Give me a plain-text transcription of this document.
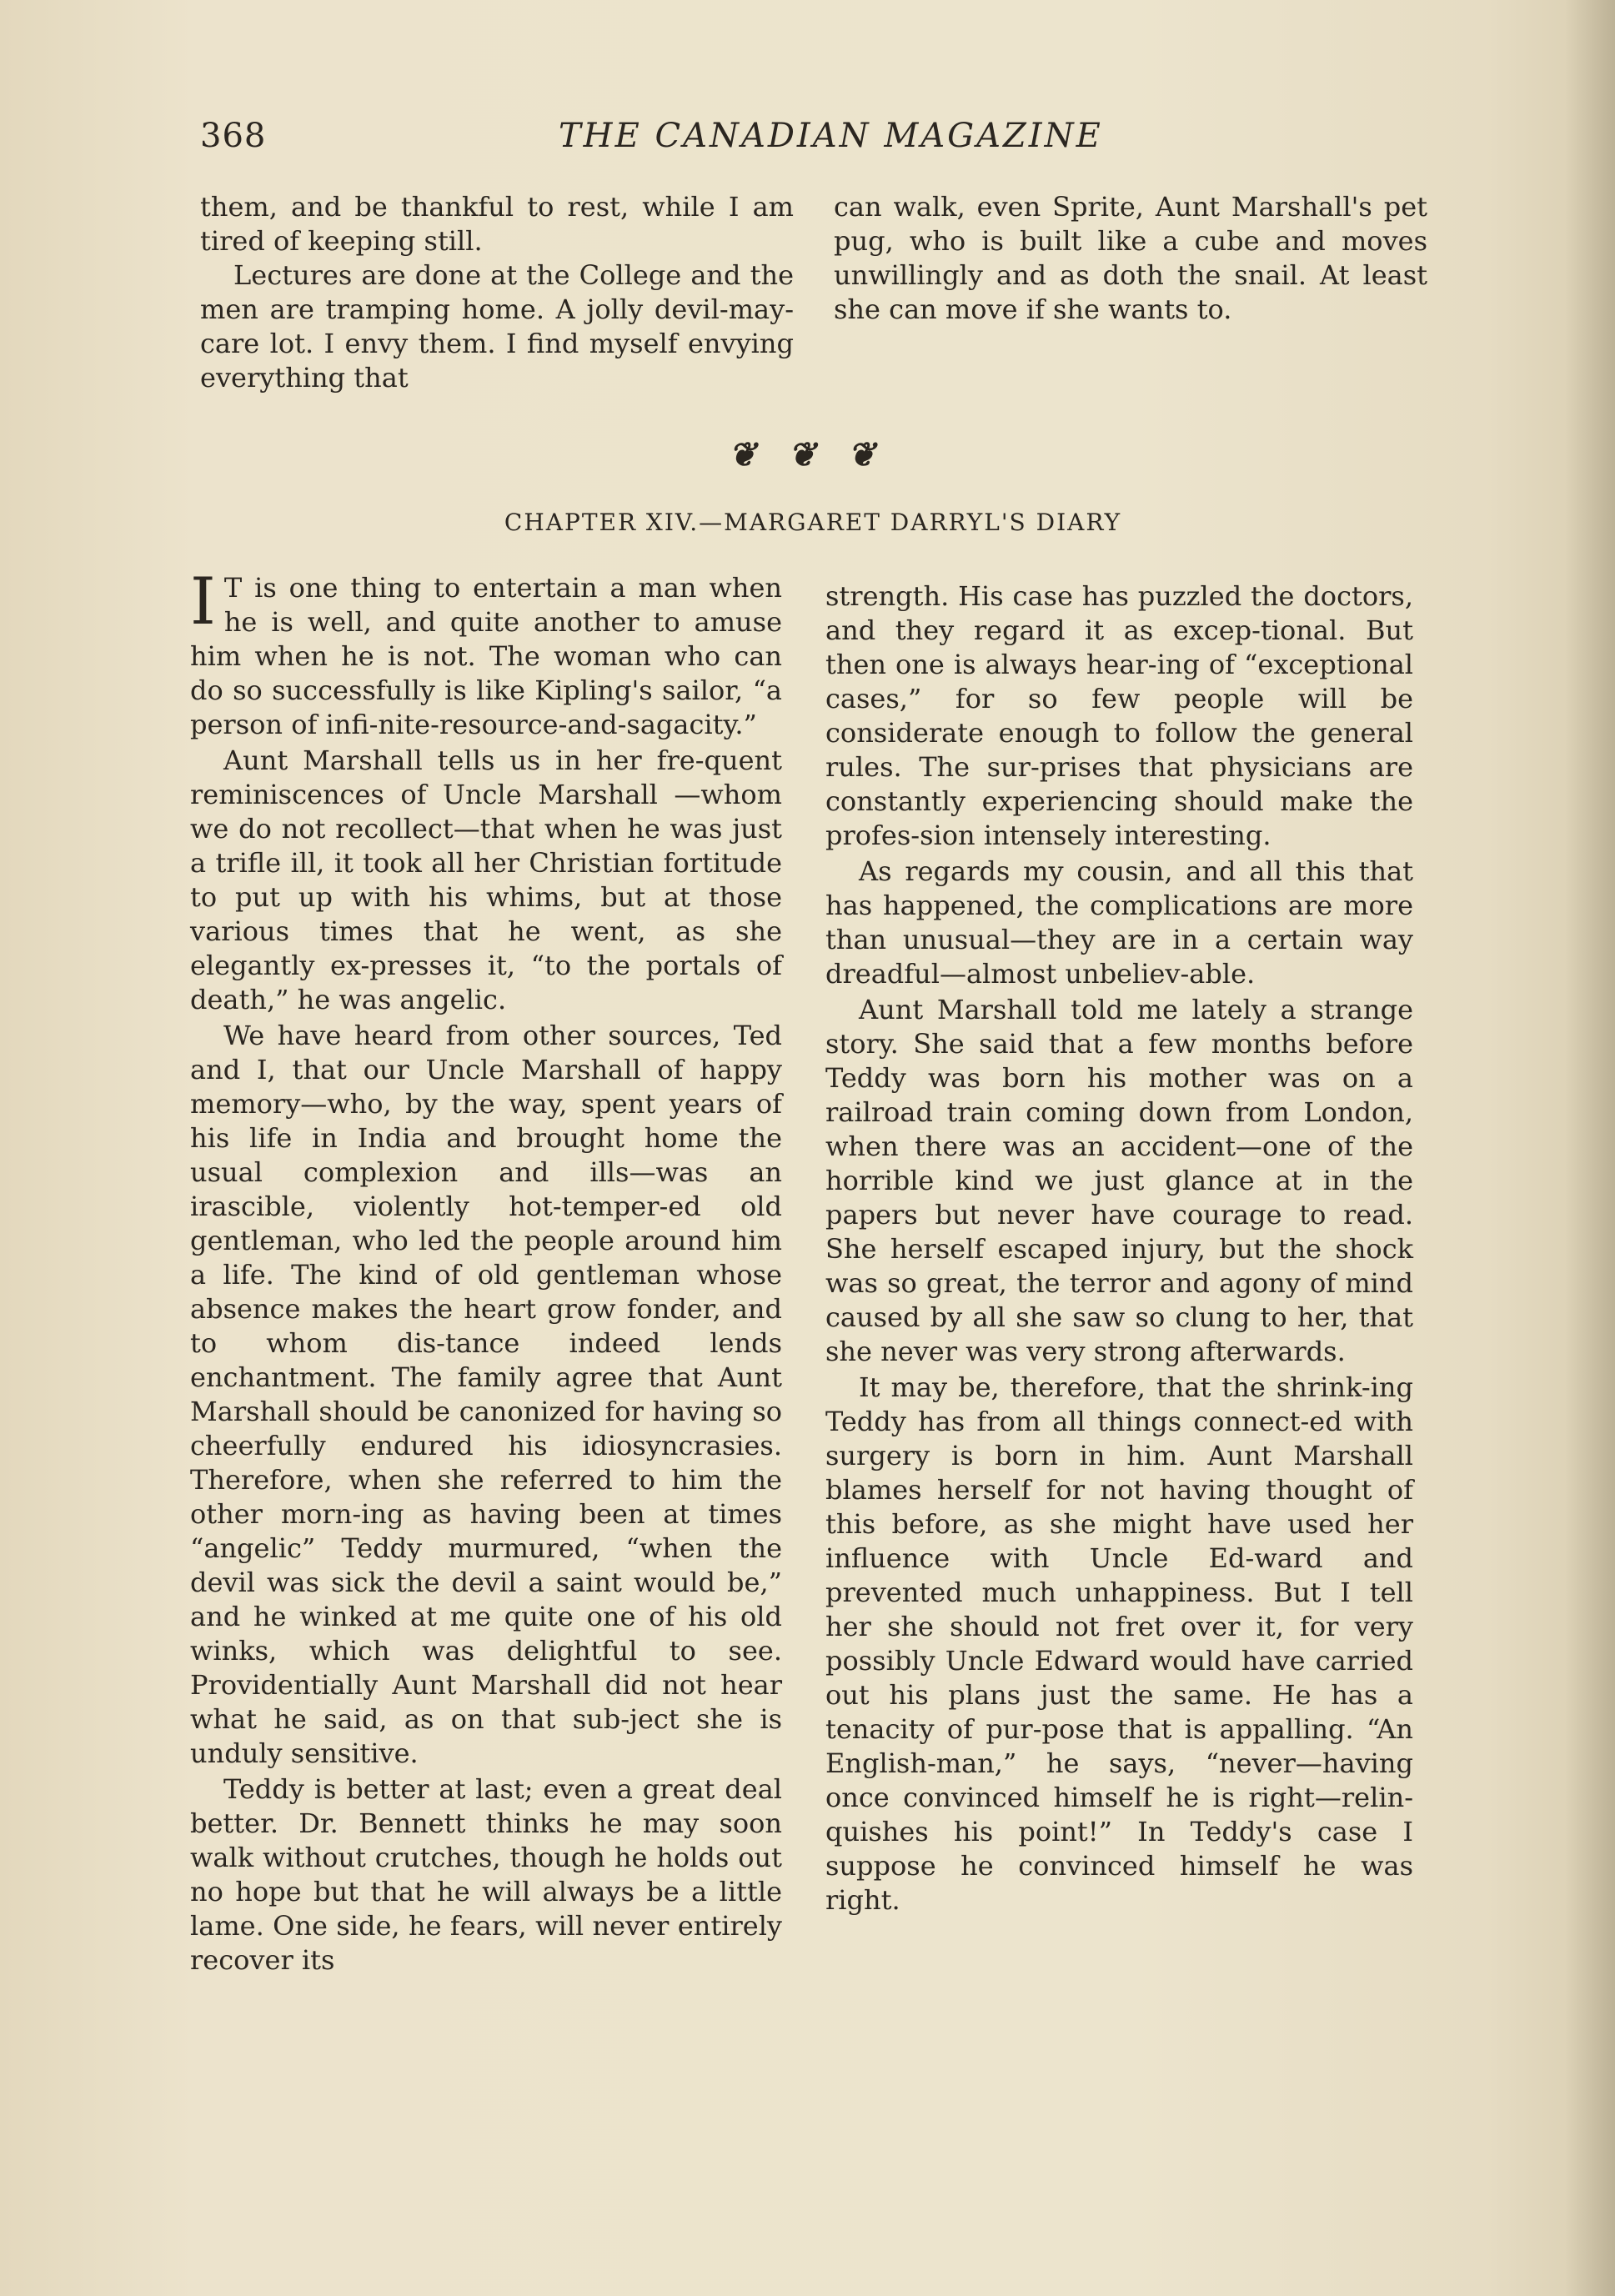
368	THE CANADIAN MAGAZINE

them, and be thankful to rest, while I am tired of keeping still.

Lectures are done at the College and the men are tramping home. A jolly devil-may-care lot. I envy them. I find myself envying everything that

can walk, even Sprite, Aunt Marshall's pet pug, who is built like a cube and moves unwillingly and as doth the snail. At least she can move if she wants to.

❦ ❦ ❦
CHAPTER XIV.—MARGARET DARRYL'S DIARY

I T is one thing to entertain a man when he is well, and quite another to amuse him when he is not. The woman who can do so successfully is like Kipling's sailor, “a person of infi-nite-resource-and-sagacity.”

Aunt Marshall tells us in her fre-quent reminiscences of Uncle Marshall —whom we do not recollect—that when he was just a trifle ill, it took all her Christian fortitude to put up with his whims, but at those various times that he went, as she elegantly ex-presses it, “to the portals of death,” he was angelic.

We have heard from other sources, Ted and I, that our Uncle Marshall of happy memory—who, by the way, spent years of his life in India and brought home the usual complexion and ills—was an irascible, violently hot-temper-ed old gentleman, who led the people around him a life. The kind of old gentleman whose absence makes the heart grow fonder, and to whom dis-tance indeed lends enchantment. The family agree that Aunt Marshall should be canonized for having so cheerfully endured his idiosyncrasies. Therefore, when she referred to him the other morn-ing as having been at times “angelic” Teddy murmured, “when the devil was sick the devil a saint would be,” and he winked at me quite one of his old winks, which was delightful to see. Providentially Aunt Marshall did not hear what he said, as on that sub-ject she is unduly sensitive.

Teddy is better at last; even a great deal better. Dr. Bennett thinks he may soon walk without crutches, though he holds out no hope but that he will always be a little lame. One side, he fears, will never entirely recover its

strength. His case has puzzled the doctors, and they regard it as excep-tional. But then one is always hear-ing of “exceptional cases,” for so few people will be considerate enough to follow the general rules. The sur-prises that physicians are constantly experiencing should make the profes-sion intensely interesting.

As regards my cousin, and all this that has happened, the complications are more than unusual—they are in a certain way dreadful—almost unbeliev-able.

Aunt Marshall told me lately a strange story. She said that a few months before Teddy was born his mother was on a railroad train coming down from London, when there was an accident—one of the horrible kind we just glance at in the papers but never have courage to read. She herself escaped injury, but the shock was so great, the terror and agony of mind caused by all she saw so clung to her, that she never was very strong afterwards.

It may be, therefore, that the shrink-ing Teddy has from all things connect-ed with surgery is born in him. Aunt Marshall blames herself for not having thought of this before, as she might have used her influence with Uncle Ed-ward and prevented much unhappiness. But I tell her she should not fret over it, for very possibly Uncle Edward would have carried out his plans just the same. He has a tenacity of pur-pose that is appalling. “An English-man,” he says, “never—having once convinced himself he is right—relin-quishes his point!” In Teddy's case I suppose he convinced himself he was right.
